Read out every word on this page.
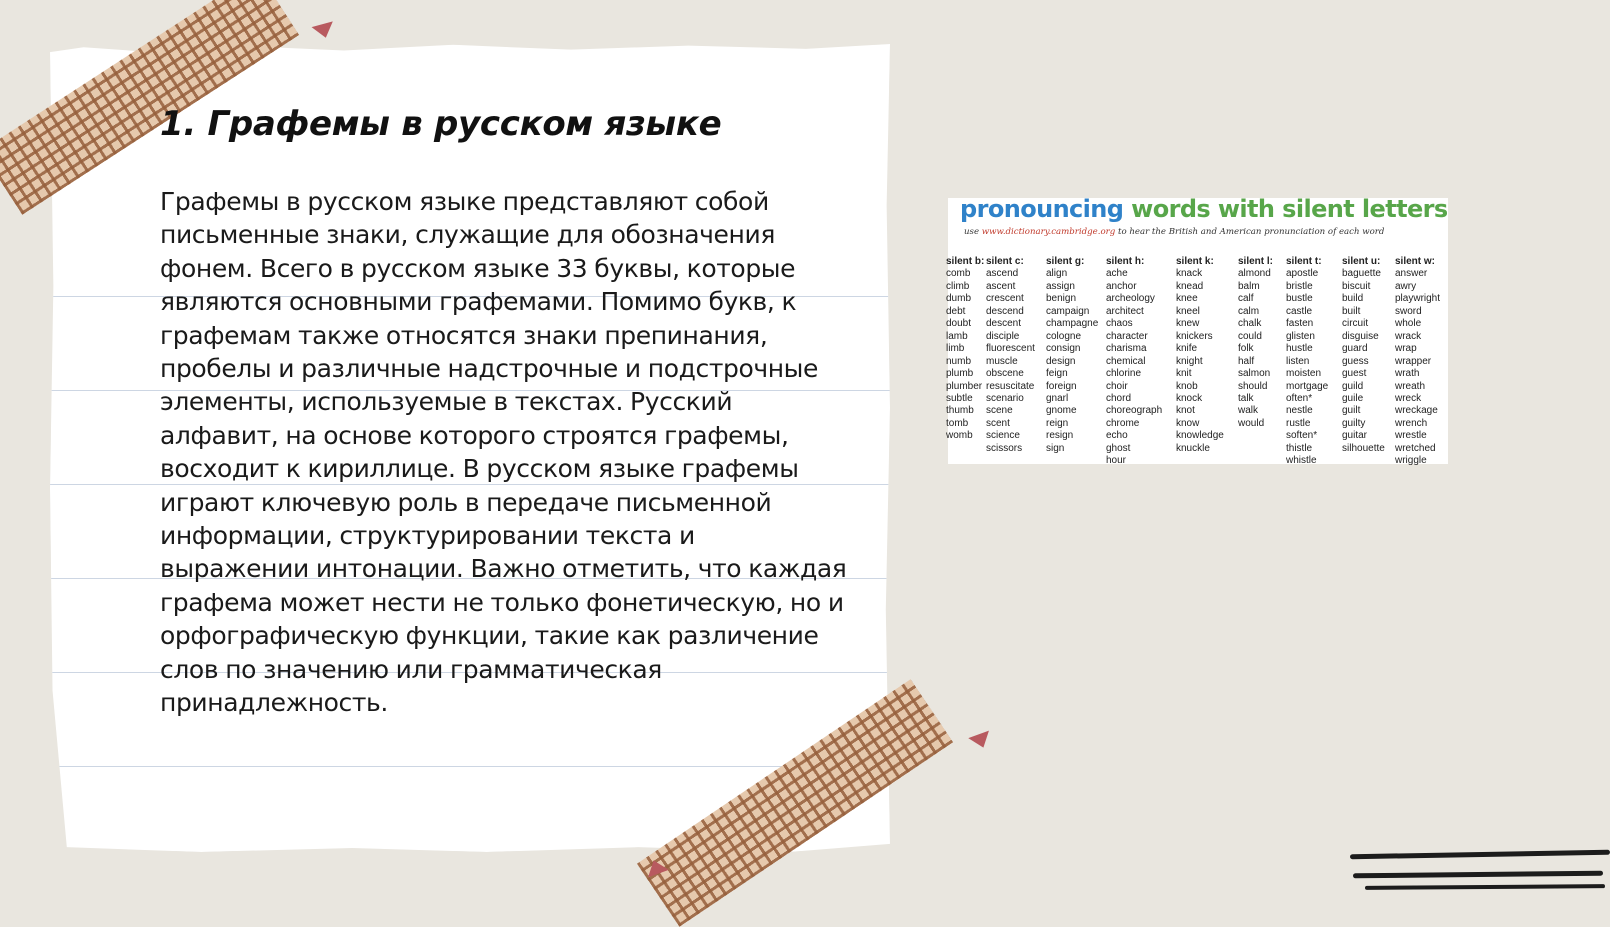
1. Графемы в русском языке

Графемы в русском языке представляют собой письменные знаки, служащие для обозначения фонем. Всего в русском языке 33 буквы, которые являются основными графемами. Помимо букв, к графемам также относятся знаки препинания, пробелы и различные надстрочные и подстрочные элементы, используемые в текстах. Русский алфавит, на основе которого строятся графемы, восходит к кириллице. В русском языке графемы играют ключевую роль в передаче письменной информации, структурировании текста и выражении интонации. Важно отметить, что каждая графема может нести не только фонетическую, но и орфографическую функции, такие как различение слов по значению или грамматическая принадлежность.

pronouncing words with silent letters
use www.dictionary.cambridge.org to hear the British and American pronunciation of each word
silent b:
comb
climb
dumb
debt
doubt
lamb
limb
numb
plumb
plumber
subtle
thumb
tomb
womb
silent c:
ascend
ascent
crescent
descend
descent
disciple
fluorescent
muscle
obscene
resuscitate
scenario
scene
scent
science
scissors
silent g:
align
assign
benign
campaign
champagne
cologne
consign
design
feign
foreign
gnarl
gnome
reign
resign
sign
silent h:
ache
anchor
archeology
architect
chaos
character
charisma
chemical
chlorine
choir
chord
choreograph
chrome
echo
ghost
hour
silent k:
knack
knead
knee
kneel
knew
knickers
knife
knight
knit
knob
knock
knot
know
knowledge
knuckle
silent l:
almond
balm
calf
calm
chalk
could
folk
half
salmon
should
talk
walk
would
silent t:
apostle
bristle
bustle
castle
fasten
glisten
hustle
listen
moisten
mortgage
often*
nestle
rustle
soften*
thistle
whistle
silent u:
baguette
biscuit
build
built
circuit
disguise
guard
guess
guest
guild
guile
guilt
guilty
guitar
silhouette
silent w:
answer
awry
playwright
sword
whole
wrack
wrap
wrapper
wrath
wreath
wreck
wreckage
wrench
wrestle
wretched
wriggle
